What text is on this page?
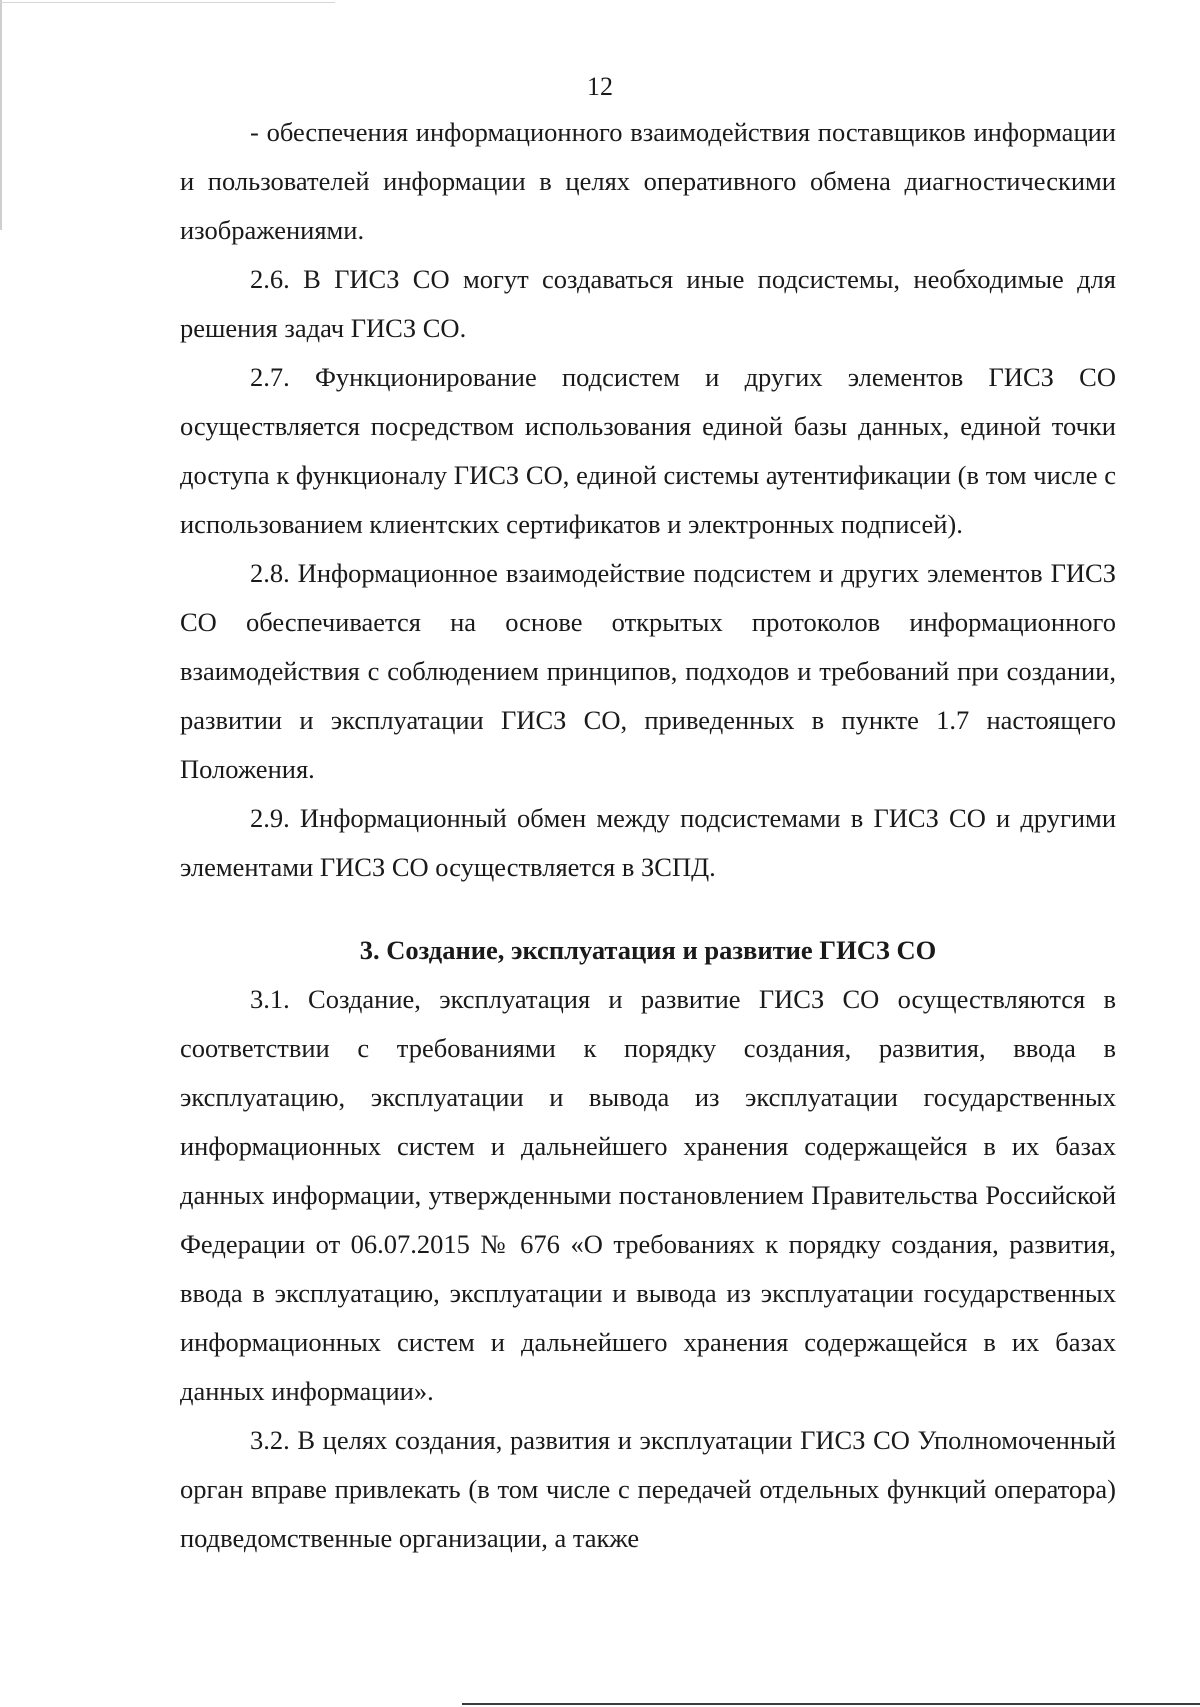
12

- обеспечения информационного взаимодействия поставщиков информации и пользователей информации в целях оперативного обмена диагностическими изображениями.

2.6. В ГИСЗ СО могут создаваться иные подсистемы, необходимые для решения задач ГИСЗ СО.

2.7. Функционирование подсистем и других элементов ГИСЗ СО осуществляется посредством использования единой базы данных, единой точки доступа к функционалу ГИСЗ СО, единой системы аутентификации (в том числе с использованием клиентских сертификатов и электронных подписей).

2.8. Информационное взаимодействие подсистем и других элементов ГИСЗ СО обеспечивается на основе открытых протоколов информационного взаимодействия с соблюдением принципов, подходов и требований при создании, развитии и эксплуатации ГИСЗ СО, приведенных в пункте 1.7 настоящего Положения.

2.9. Информационный обмен между подсистемами в ГИСЗ СО и другими элементами ГИСЗ СО осуществляется в ЗСПД.

3. Создание, эксплуатация и развитие ГИСЗ СО

3.1. Создание, эксплуатация и развитие ГИСЗ СО осуществляются в соответствии с требованиями к порядку создания, развития, ввода в эксплуатацию, эксплуатации и вывода из эксплуатации государственных информационных систем и дальнейшего хранения содержащейся в их базах данных информации, утвержденными постановлением Правительства Российской Федерации от 06.07.2015 № 676 «О требованиях к порядку создания, развития, ввода в эксплуатацию, эксплуатации и вывода из эксплуатации государственных информационных систем и дальнейшего хранения содержащейся в их базах данных информации».

3.2. В целях создания, развития и эксплуатации ГИСЗ СО Уполномоченный орган вправе привлекать (в том числе с передачей отдельных функций оператора) подведомственные организации, а также
